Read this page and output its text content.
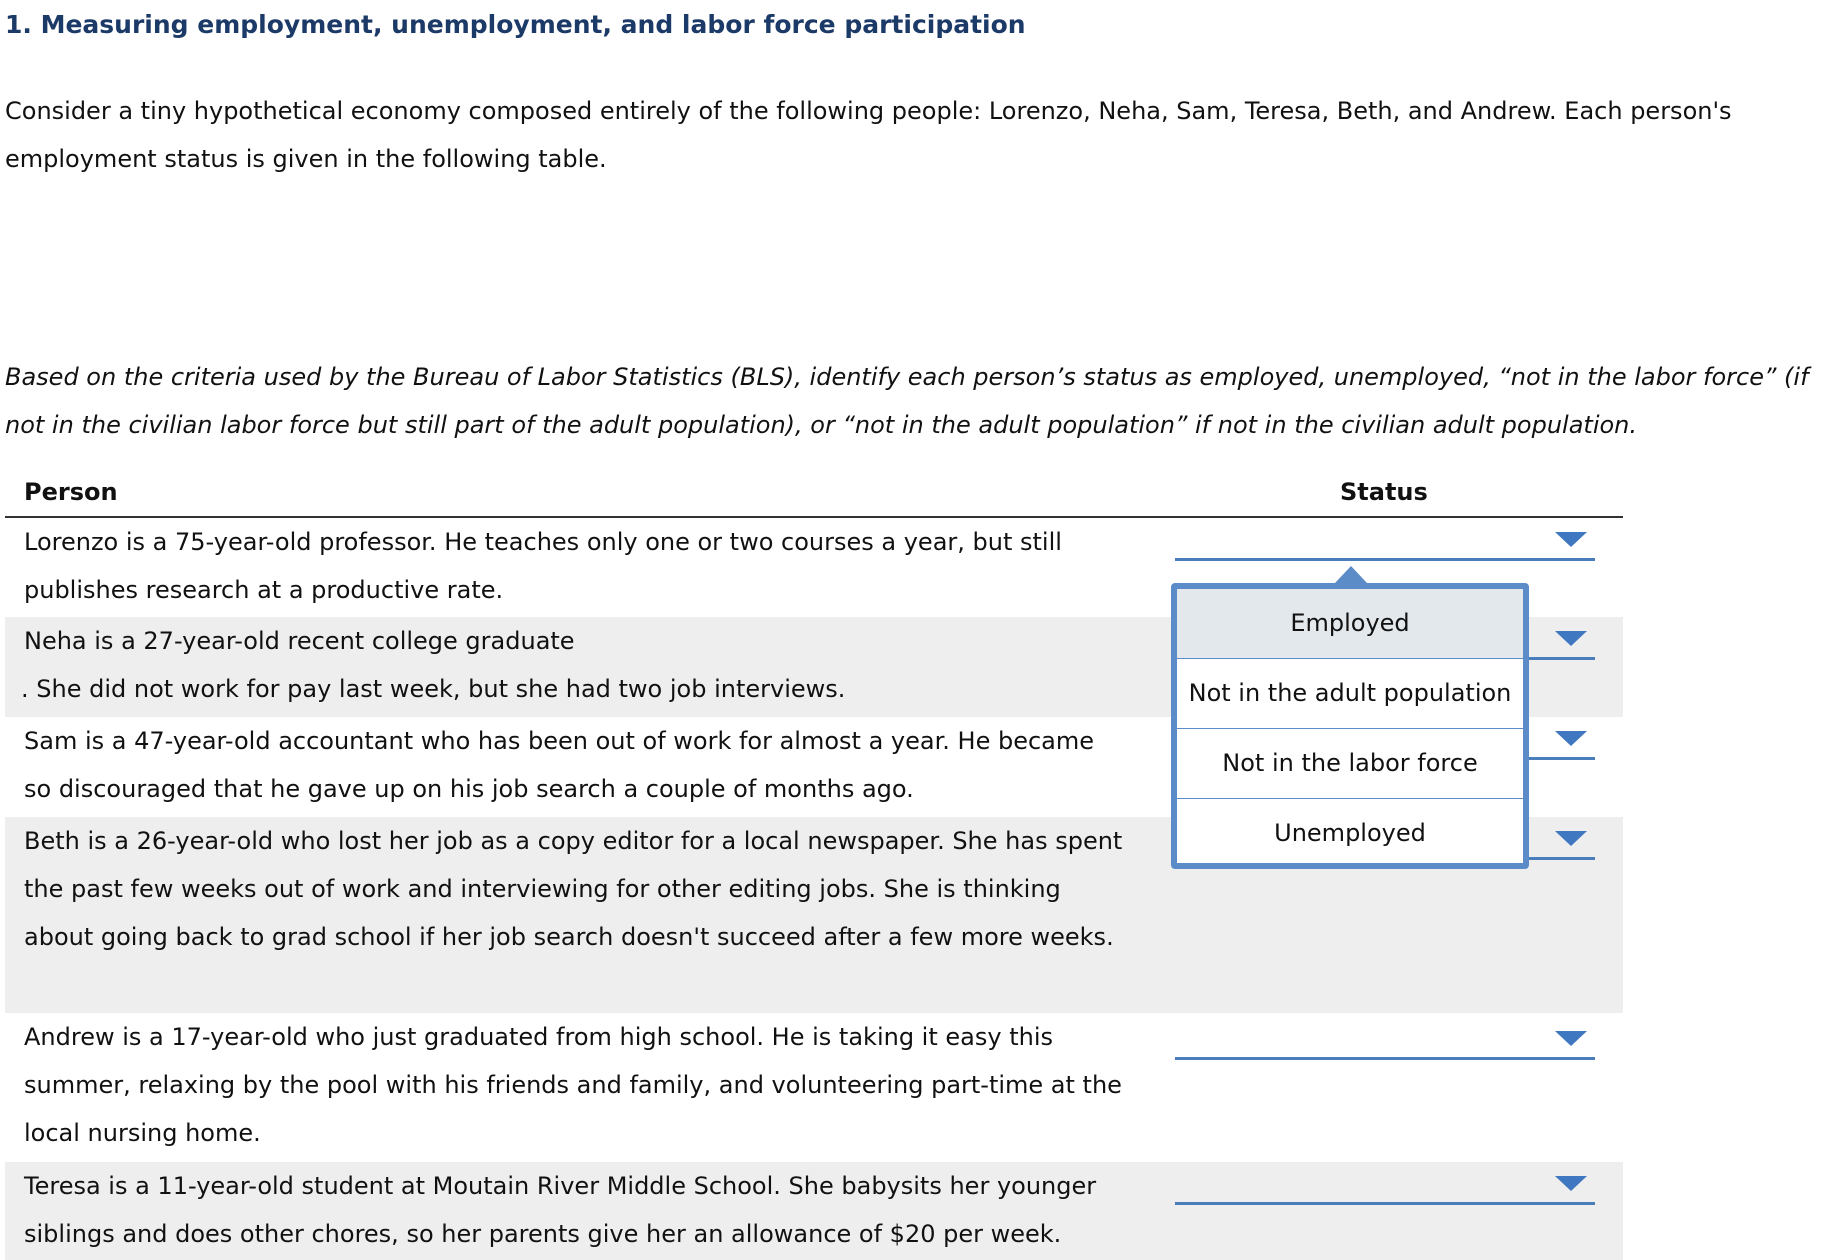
1. Measuring employment, unemployment, and labor force participation

Consider a tiny hypothetical economy composed entirely of the following people: Lorenzo, Neha, Sam, Teresa, Beth, and Andrew. Each person's employment status is given in the following table.

Based on the criteria used by the Bureau of Labor Statistics (BLS), identify each person’s status as employed, unemployed, “not in the labor force” (if not in the civilian labor force but still part of the adult population), or “not in the adult population” if not in the civilian adult population.

Person	Status

Lorenzo is a 75-year-old professor. He teaches only one or two courses a year, but still publishes research at a productive rate.

Neha is a 27-year-old recent college graduate
. She did not work for pay last week, but she had two job interviews.

Sam is a 47-year-old accountant who has been out of work for almost a year. He became so discouraged that he gave up on his job search a couple of months ago.

Beth is a 26-year-old who lost her job as a copy editor for a local newspaper. She has spent the past few weeks out of work and interviewing for other editing jobs. She is thinking about going back to grad school if her job search doesn't succeed after a few more weeks.

Andrew is a 17-year-old who just graduated from high school. He is taking it easy this summer, relaxing by the pool with his friends and family, and volunteering part-time at the local nursing home.

Teresa is a 11-year-old student at Moutain River Middle School. She babysits her younger siblings and does other chores, so her parents give her an allowance of $20 per week.

Employed
Not in the adult population
Not in the labor force
Unemployed
